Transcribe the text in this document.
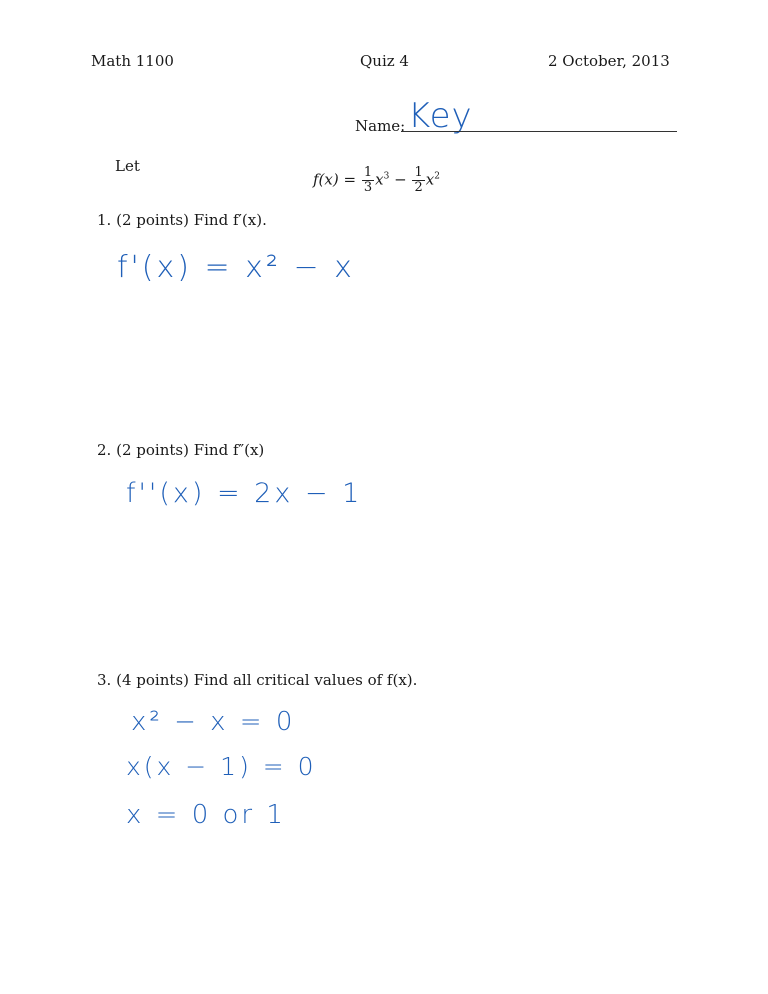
Math 1100	Quiz 4	2 October, 2013
Name: Key
Let
$f(x) = \frac{1}{3} x^3 - \frac{1}{2} x^2$
1. (2 points) Find f′(x).
f'(x) = x² − x
2. (2 points) Find f″(x)
f''(x) = 2x − 1
3. (4 points) Find all critical values of f(x).
x² − x = 0
x(x − 1) = 0
x = 0 or 1
